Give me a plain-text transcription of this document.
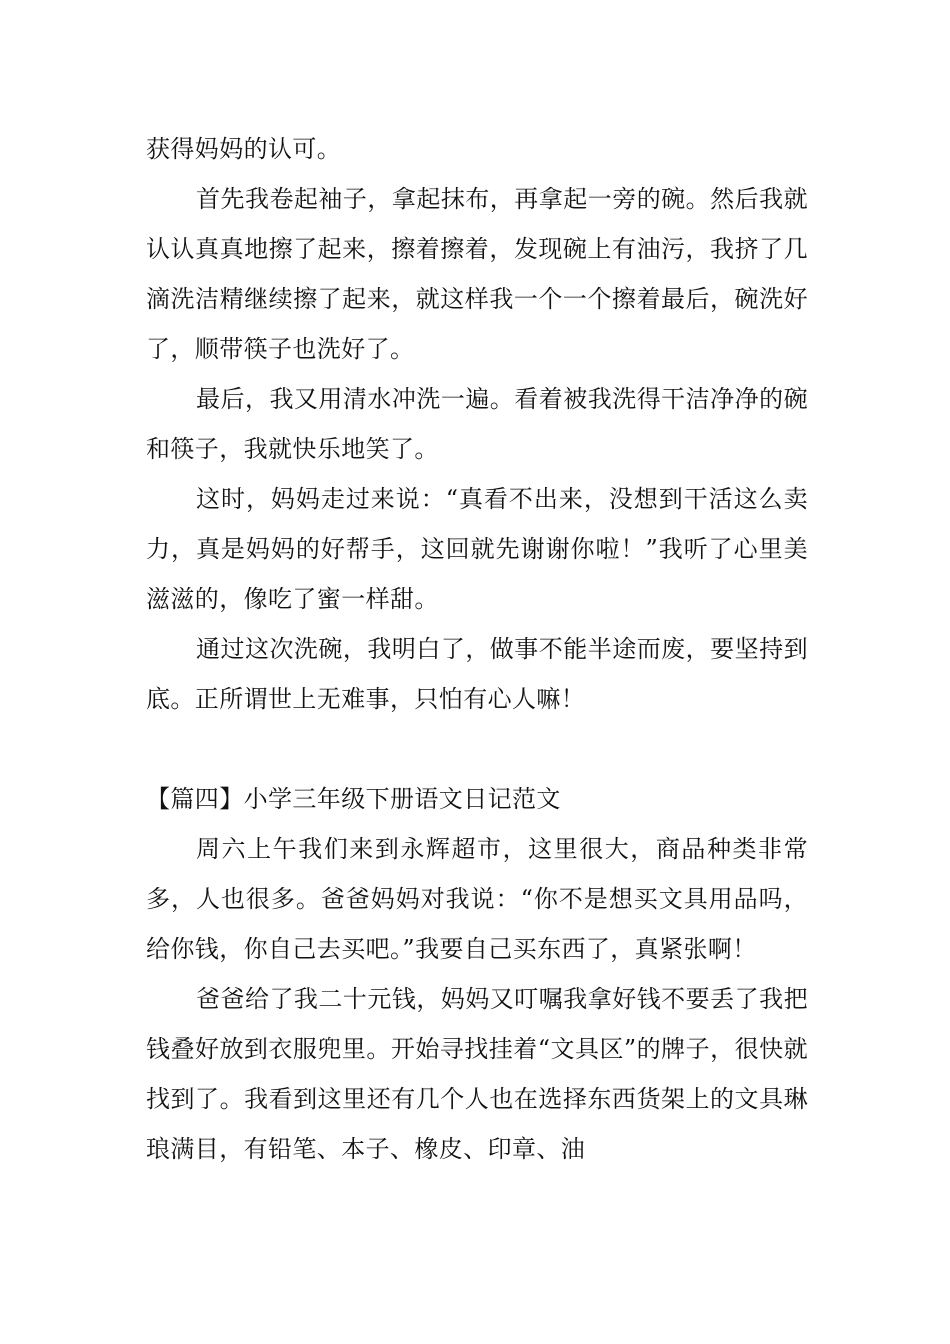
获得妈妈的认可。

首先我卷起袖子，拿起抹布，再拿起一旁的碗。然后我就认认真真地擦了起来，擦着擦着，发现碗上有油污，我挤了几滴洗洁精继续擦了起来，就这样我一个一个擦着最后，碗洗好了，顺带筷子也洗好了。

最后，我又用清水冲洗一遍。看着被我洗得干洁净净的碗和筷子，我就快乐地笑了。

这时，妈妈走过来说：“真看不出来，没想到干活这么卖力，真是妈妈的好帮手，这回就先谢谢你啦！”我听了心里美滋滋的，像吃了蜜一样甜。

通过这次洗碗，我明白了，做事不能半途而废，要坚持到底。正所谓世上无难事，只怕有心人嘛！

【篇四】小学三年级下册语文日记范文

周六上午我们来到永辉超市，这里很大，商品种类非常多，人也很多。爸爸妈妈对我说：“你不是想买文具用品吗，给你钱，你自己去买吧。”我要自己买东西了，真紧张啊！

爸爸给了我二十元钱，妈妈又叮嘱我拿好钱不要丢了我把钱叠好放到衣服兜里。开始寻找挂着“文具区”的牌子，很快就找到了。我看到这里还有几个人也在选择东西货架上的文具琳琅满目，有铅笔、本子、橡皮、印章、油
